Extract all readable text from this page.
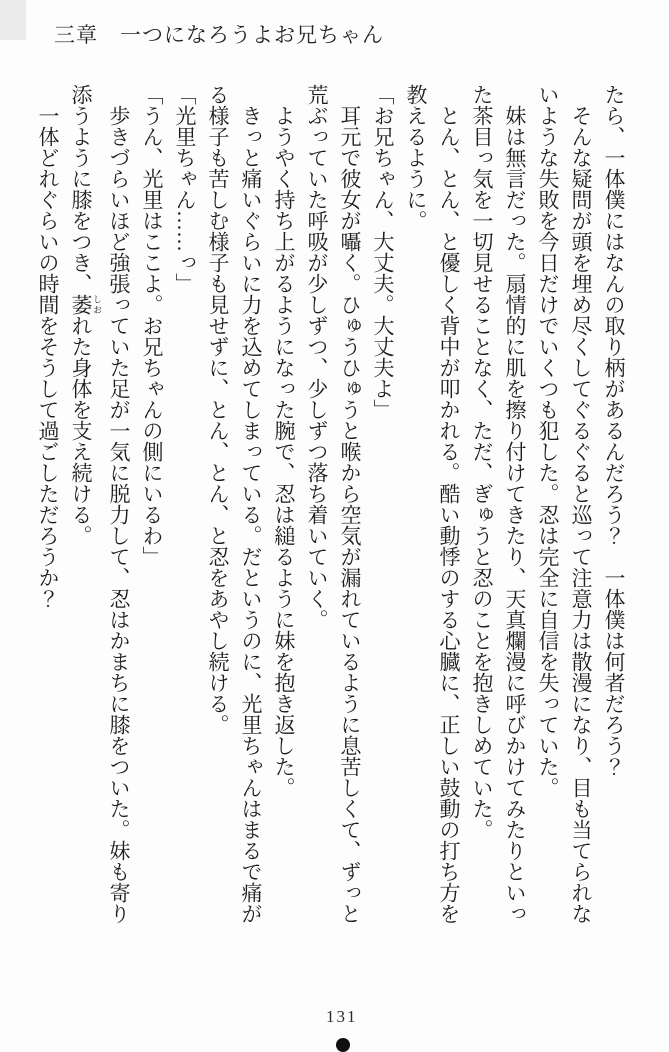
三章　一つになろうよお兄ちゃん

たら、一体僕にはなんの取り柄があるんだろう？　一体僕は何者だろう？

そんな疑問が頭を埋め尽くしてぐるぐると巡って注意力は散漫になり、目も当てられな

いような失敗を今日だけでいくつも犯した。忍は完全に自信を失っていた。

妹は無言だった。扇情的に肌を擦り付けてきたり、天真爛漫に呼びかけてみたりといっ

た茶目っ気を一切見せることなく、ただ、ぎゅうと忍のことを抱きしめていた。

とん、とん、と優しく背中が叩かれる。酷い動悸のする心臓に、正しい鼓動の打ち方を

教えるように。

「お兄ちゃん、大丈夫。大丈夫よ」

耳元で彼女が囁く。ひゅうひゅうと喉から空気が漏れているように息苦しくて、ずっと

荒ぶっていた呼吸が少しずつ、少しずつ落ち着いていく。

ようやく持ち上がるようになった腕で、忍は縋るように妹を抱き返した。

きっと痛いぐらいに力を込めてしまっている。だというのに、光里ちゃんはまるで痛が

る様子も苦しむ様子も見せずに、とん、とん、と忍をあやし続ける。

「光里ちゃん……っ」

「うん、光里はここよ。お兄ちゃんの側にいるわ」

歩きづらいほど強張っていた足が一気に脱力して、忍はかまちに膝をついた。妹も寄り

添うように膝をつき、萎 しおれた身体を支え続ける。

一体どれぐらいの時間をそうして過ごしただろうか？

131
